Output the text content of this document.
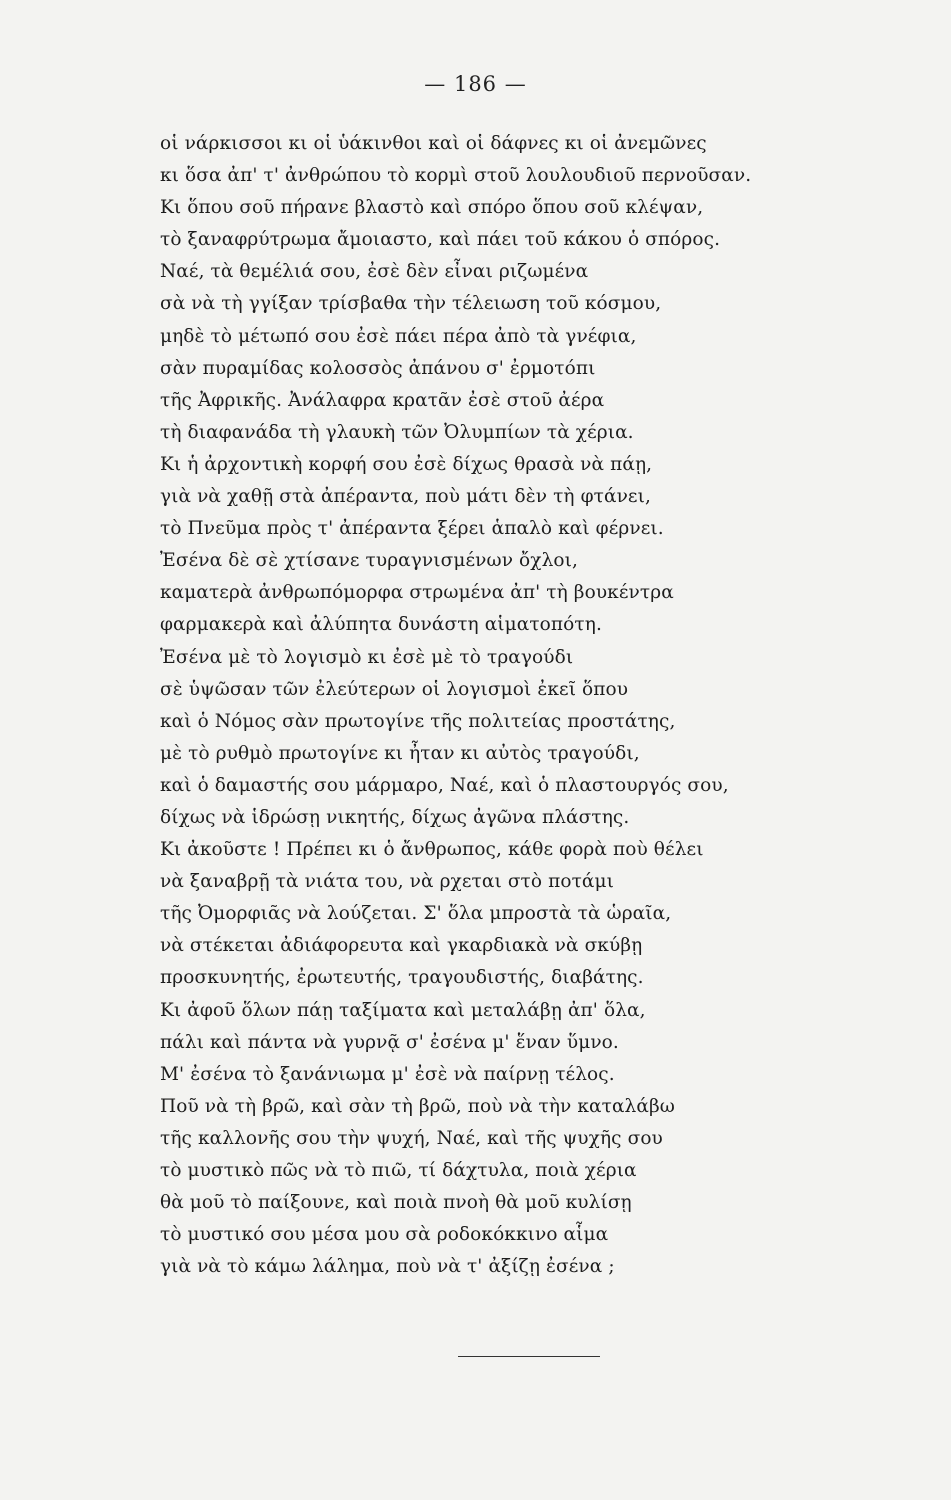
— 186 —
οἱ νάρκισσοι κι οἱ ὑάκινθοι καὶ οἱ δάφνες κι οἱ ἀνεμῶνες
κι ὅσα ἀπ' τ' ἀνθρώπου τὸ κορμὶ στοῦ λουλουδιοῦ περνοῦσαν.
Κι ὅπου σοῦ πήρανε βλαστὸ καὶ σπόρο ὅπου σοῦ κλέψαν,
τὸ ξαναφρύτρωμα ἄμοιαστο, καὶ πάει τοῦ κάκου ὁ σπόρος.
Ναέ, τὰ θεμέλιά σου, ἐσὲ δὲν εἶναι ριζωμένα
σὰ νὰ τὴ γγίξαν τρίσβαθα τὴν τέλειωση τοῦ κόσμου,
μηδὲ τὸ μέτωπό σου ἐσὲ πάει πέρα ἀπὸ τὰ γνέφια,
σὰν πυραμίδας κολοσσὸς ἀπάνου σ' ἐρμοτόπι
τῆς Ἀφρικῆς. Ἀνάλαφρα κρατᾶν ἐσὲ στοῦ ἀέρα
τὴ διαφανάδα τὴ γλαυκὴ τῶν Ὀλυμπίων τὰ χέρια.
Κι ἡ ἀρχοντικὴ κορφή σου ἐσὲ δίχως θρασὰ νὰ πάῃ,
γιὰ νὰ χαθῇ στὰ ἀπέραντα, ποὺ μάτι δὲν τὴ φτάνει,
τὸ Πνεῦμα πρὸς τ' ἀπέραντα ξέρει ἁπαλὸ καὶ φέρνει.
Ἐσένα δὲ σὲ χτίσανε τυραγνισμένων ὄχλοι,
καματερὰ ἀνθρωπόμορφα στρωμένα ἀπ' τὴ βουκέντρα
φαρμακερὰ καὶ ἀλύπητα δυνάστη αἱματοπότη.
Ἐσένα μὲ τὸ λογισμὸ κι ἐσὲ μὲ τὸ τραγούδι
σὲ ὑψῶσαν τῶν ἐλεύτερων οἱ λογισμοὶ ἐκεῖ ὅπου
καὶ ὁ Νόμος σὰν πρωτογίνε τῆς πολιτείας προστάτης,
μὲ τὸ ρυθμὸ πρωτογίνε κι ἦταν κι αὐτὸς τραγούδι,
καὶ ὁ δαμαστής σου μάρμαρο, Ναέ, καὶ ὁ πλαστουργός σου,
δίχως νὰ ἱδρώσῃ νικητής, δίχως ἀγῶνα πλάστης.
Κι ἀκοῦστε ! Πρέπει κι ὁ ἄνθρωπος, κάθε φορὰ ποὺ θέλει
νὰ ξαναβρῇ τὰ νιάτα του, νὰ ρχεται στὸ ποτάμι
τῆς Ὀμορφιᾶς νὰ λούζεται. Σ' ὅλα μπροστὰ τὰ ὡραῖα,
νὰ στέκεται ἀδιάφορευτα καὶ γκαρδιακὰ νὰ σκύβῃ
προσκυνητής, ἐρωτευτής, τραγουδιστής, διαβάτης.
Κι ἀφοῦ ὅλων πάῃ ταξίματα καὶ μεταλάβῃ ἀπ' ὅλα,
πάλι καὶ πάντα νὰ γυρνᾷ σ' ἐσένα μ' ἕναν ὕμνο.
Μ' ἐσένα τὸ ξανάνιωμα μ' ἐσὲ νὰ παίρνῃ τέλος.
Ποῦ νὰ τὴ βρῶ, καὶ σὰν τὴ βρῶ, ποὺ νὰ τὴν καταλάβω
τῆς καλλονῆς σου τὴν ψυχή, Ναέ, καὶ τῆς ψυχῆς σου
τὸ μυστικὸ πῶς νὰ τὸ πιῶ, τί δάχτυλα, ποιὰ χέρια
θὰ μοῦ τὸ παίξουνε, καὶ ποιὰ πνοὴ θὰ μοῦ κυλίσῃ
τὸ μυστικό σου μέσα μου σὰ ροδοκόκκινο αἷμα
γιὰ νὰ τὸ κάμω λάλημα, ποὺ νὰ τ' ἀξίζῃ ἐσένα ;
